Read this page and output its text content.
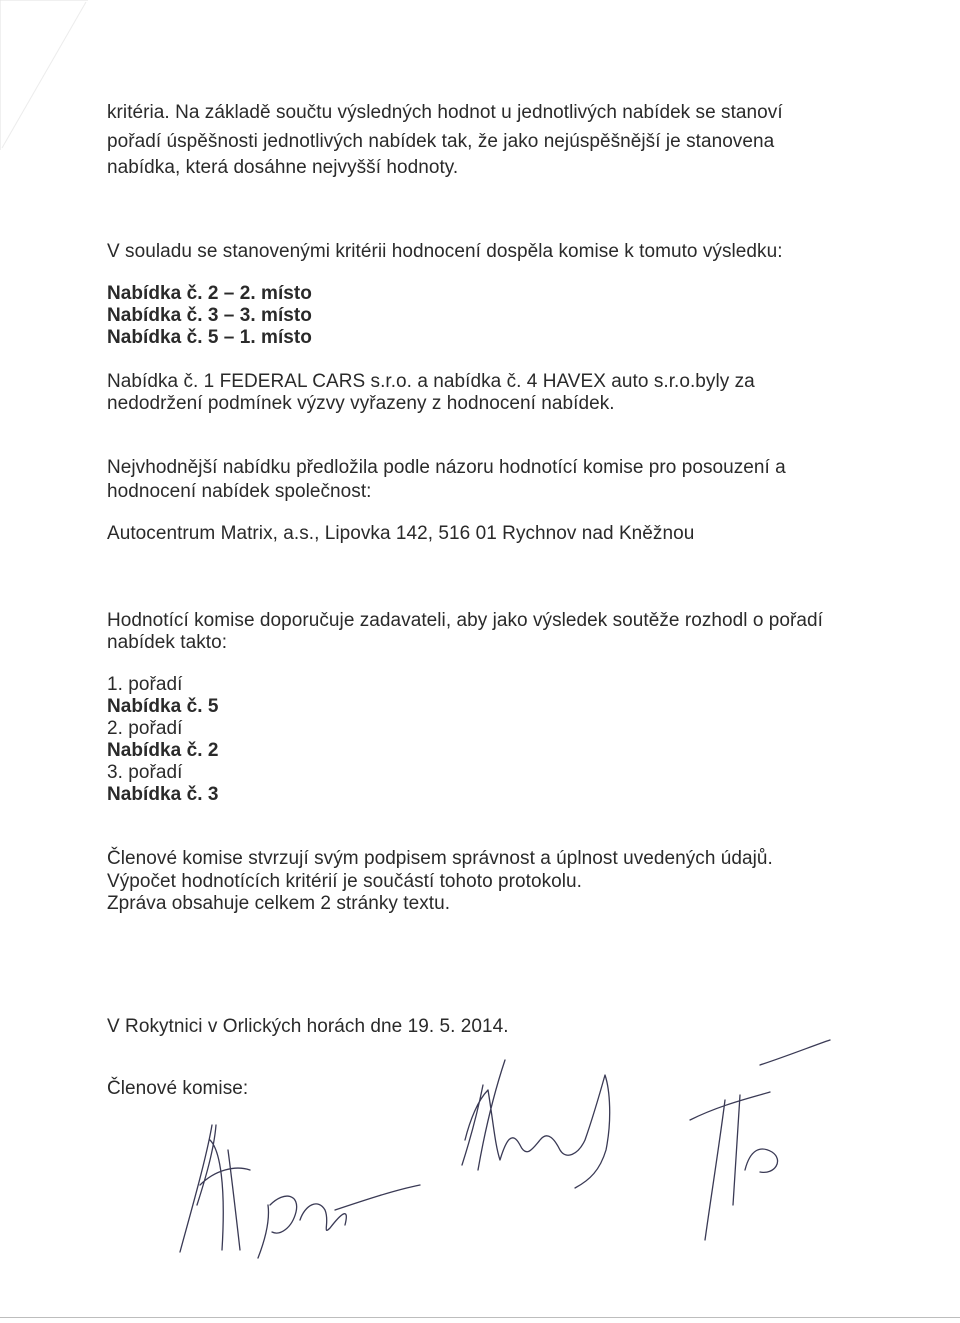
kritéria. Na základě součtu výsledných hodnot u jednotlivých nabídek se stanoví
pořadí úspěšnosti jednotlivých nabídek tak, že jako nejúspěšnější je stanovena
nabídka, která dosáhne nejvyšší hodnoty.
V souladu se stanovenými kritérii hodnocení dospěla komise k tomuto výsledku:
Nabídka č. 2 – 2. místo
Nabídka č. 3 – 3. místo
Nabídka č. 5 – 1. místo
Nabídka č. 1 FEDERAL CARS s.r.o. a nabídka č. 4 HAVEX auto s.r.o.byly za
nedodržení podmínek výzvy vyřazeny z hodnocení nabídek.
Nejvhodnější nabídku předložila podle názoru hodnotící komise pro posouzení a
hodnocení nabídek společnost:
Autocentrum Matrix, a.s., Lipovka 142, 516 01 Rychnov nad Kněžnou
Hodnotící komise doporučuje zadavateli, aby jako výsledek soutěže rozhodl o pořadí
nabídek takto:
1. pořadí
Nabídka č. 5
2. pořadí
Nabídka č. 2
3. pořadí
Nabídka č. 3
Členové komise stvrzují svým podpisem správnost a úplnost uvedených údajů.
Výpočet hodnotících kritérií je součástí tohoto protokolu.
Zpráva obsahuje celkem 2 stránky textu.
V Rokytnici v Orlických horách dne 19. 5. 2014.
Členové komise:
